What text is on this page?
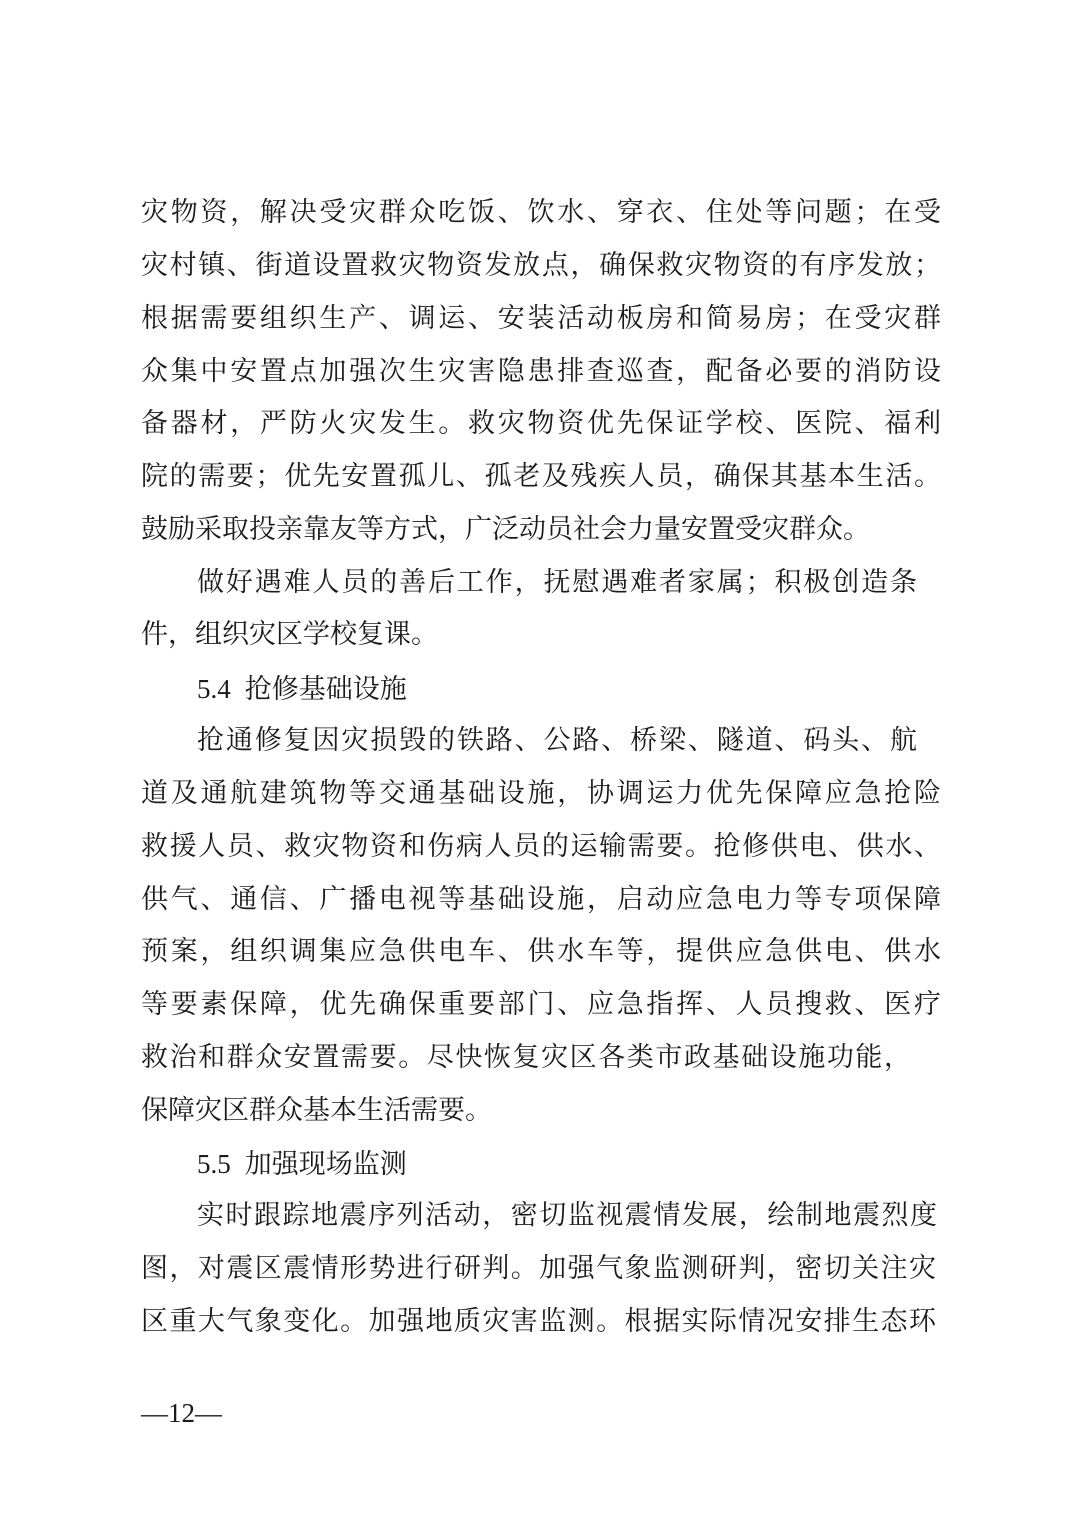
灾物资，解决受灾群众吃饭、饮水、穿衣、住处等问题；在受
灾村镇、街道设置救灾物资发放点，确保救灾物资的有序发放；
根据需要组织生产、调运、安装活动板房和简易房；在受灾群
众集中安置点加强次生灾害隐患排查巡查，配备必要的消防设
备器材，严防火灾发生。救灾物资优先保证学校、医院、福利
院的需要；优先安置孤儿、孤老及残疾人员，确保其基本生活。
鼓励采取投亲靠友等方式，广泛动员社会力量安置受灾群众。
做好遇难人员的善后工作，抚慰遇难者家属；积极创造条
件，组织灾区学校复课。
5.4 抢修基础设施
抢通修复因灾损毁的铁路、公路、桥梁、隧道、码头、航
道及通航建筑物等交通基础设施，协调运力优先保障应急抢险
救援人员、救灾物资和伤病人员的运输需要。抢修供电、供水、
供气、通信、广播电视等基础设施，启动应急电力等专项保障
预案，组织调集应急供电车、供水车等，提供应急供电、供水
等要素保障，优先确保重要部门、应急指挥、人员搜救、医疗
救治和群众安置需要。尽快恢复灾区各类市政基础设施功能，
保障灾区群众基本生活需要。
5.5 加强现场监测
实时跟踪地震序列活动，密切监视震情发展，绘制地震烈度
图，对震区震情形势进行研判。加强气象监测研判，密切关注灾
区重大气象变化。加强地质灾害监测。根据实际情况安排生态环
—12—
